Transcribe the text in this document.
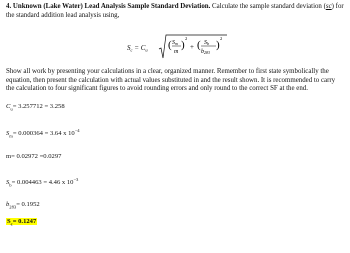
4. Unknown (Lake Water) Lead Analysis Sample Standard Deviation. Calculate the sample standard deviation (sc) for the standard addition lead analysis using,
$S_c = C_u$ ( Sm
m
)
2
+ ( Sb
b283
)
2
Show all work by presenting your calculations in a clear, organized manner. Remember to first state symbolically the equation, then present the calculation with actual values substituted in and the result shown. It is recommended to carry the calculation to four significant figures to avoid rounding errors and only round to the correct SF at the end.
$C_u= 3.257712 = 3.258$
$S_m= 0.000364 = 3.64$ x $10^{-4}$
m= 0.02972 =0.0297
$S_b= 0.004463 = 4.46$ x $10^{-3}$
$b_{283}= 0.1952$
$S_c= 0.1247$
